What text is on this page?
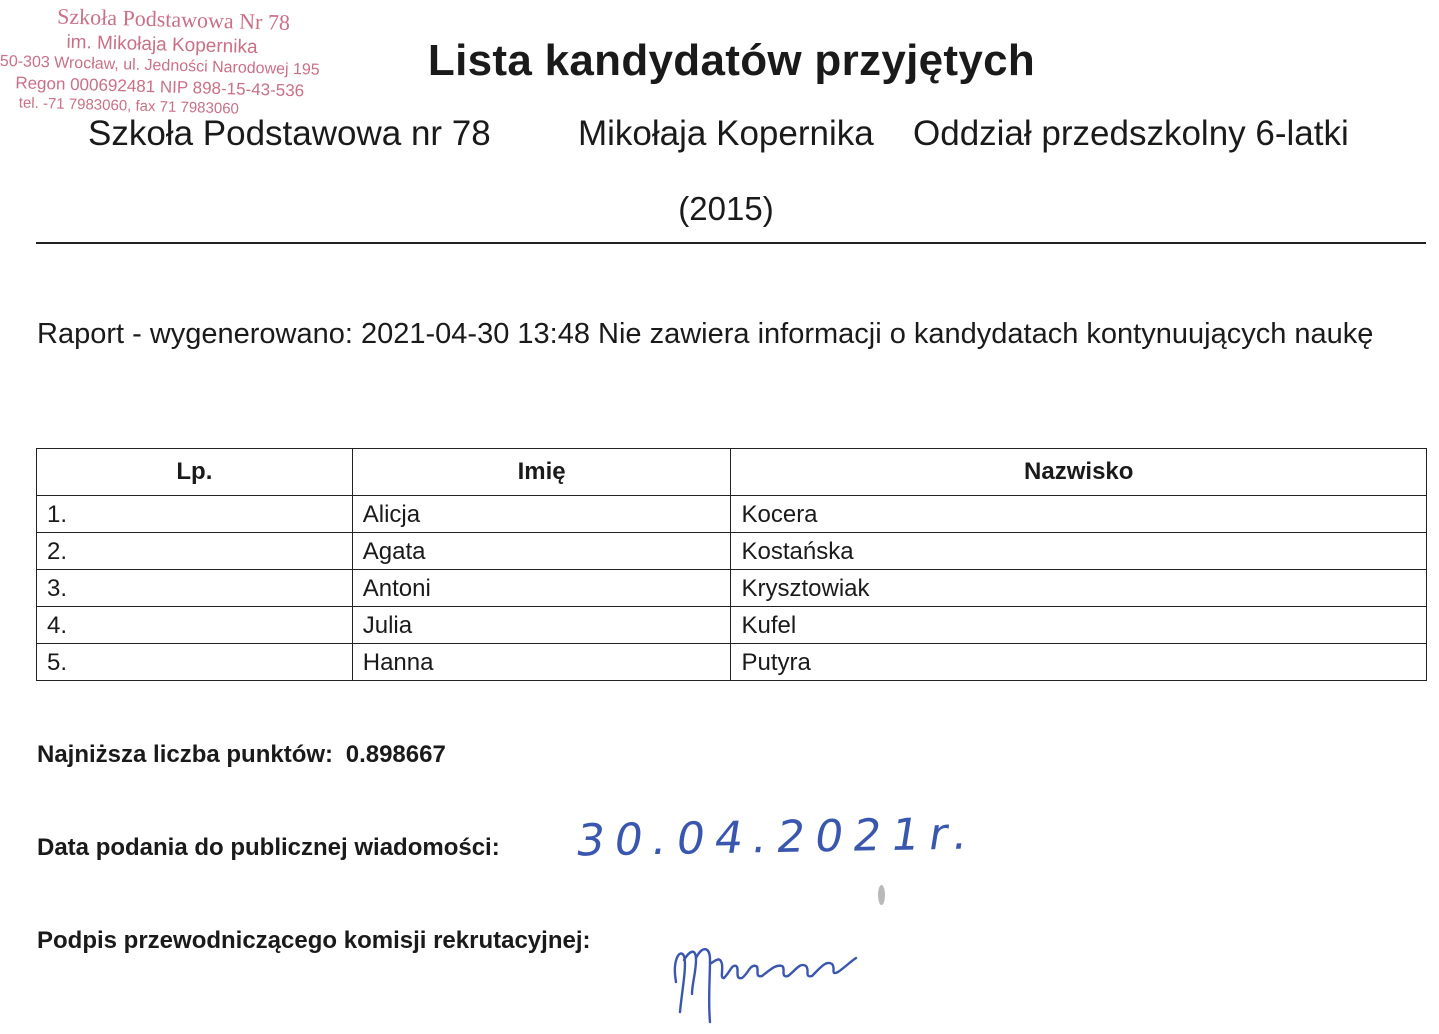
Szkoła Podstawowa Nr 78
im. Mikołaja Kopernika
50-303 Wrocław, ul. Jedności Narodowej 195
Regon 000692481 NIP 898-15-43-536
tel. -71 7983060, fax 71 7983060
Lista kandydatów przyjętych
Szkoła Podstawowa nr 78 Mikołaja Kopernika Oddział przedszkolny 6-latki
(2015)
Raport - wygenerowano: 2021-04-30 13:48 Nie zawiera informacji o kandydatach kontynuujących naukę
Lp.	Imię	Nazwisko
1.	Alicja	Kocera
2.	Agata	Kostańska
3.	Antoni	Krysztowiak
4.	Julia	Kufel
5.	Hanna	Putyra
Najniższa liczba punktów: 0.898667
Data podania do publicznej wiadomości: 30.04.2021r.
Podpis przewodniczącego komisji rekrutacyjnej:
